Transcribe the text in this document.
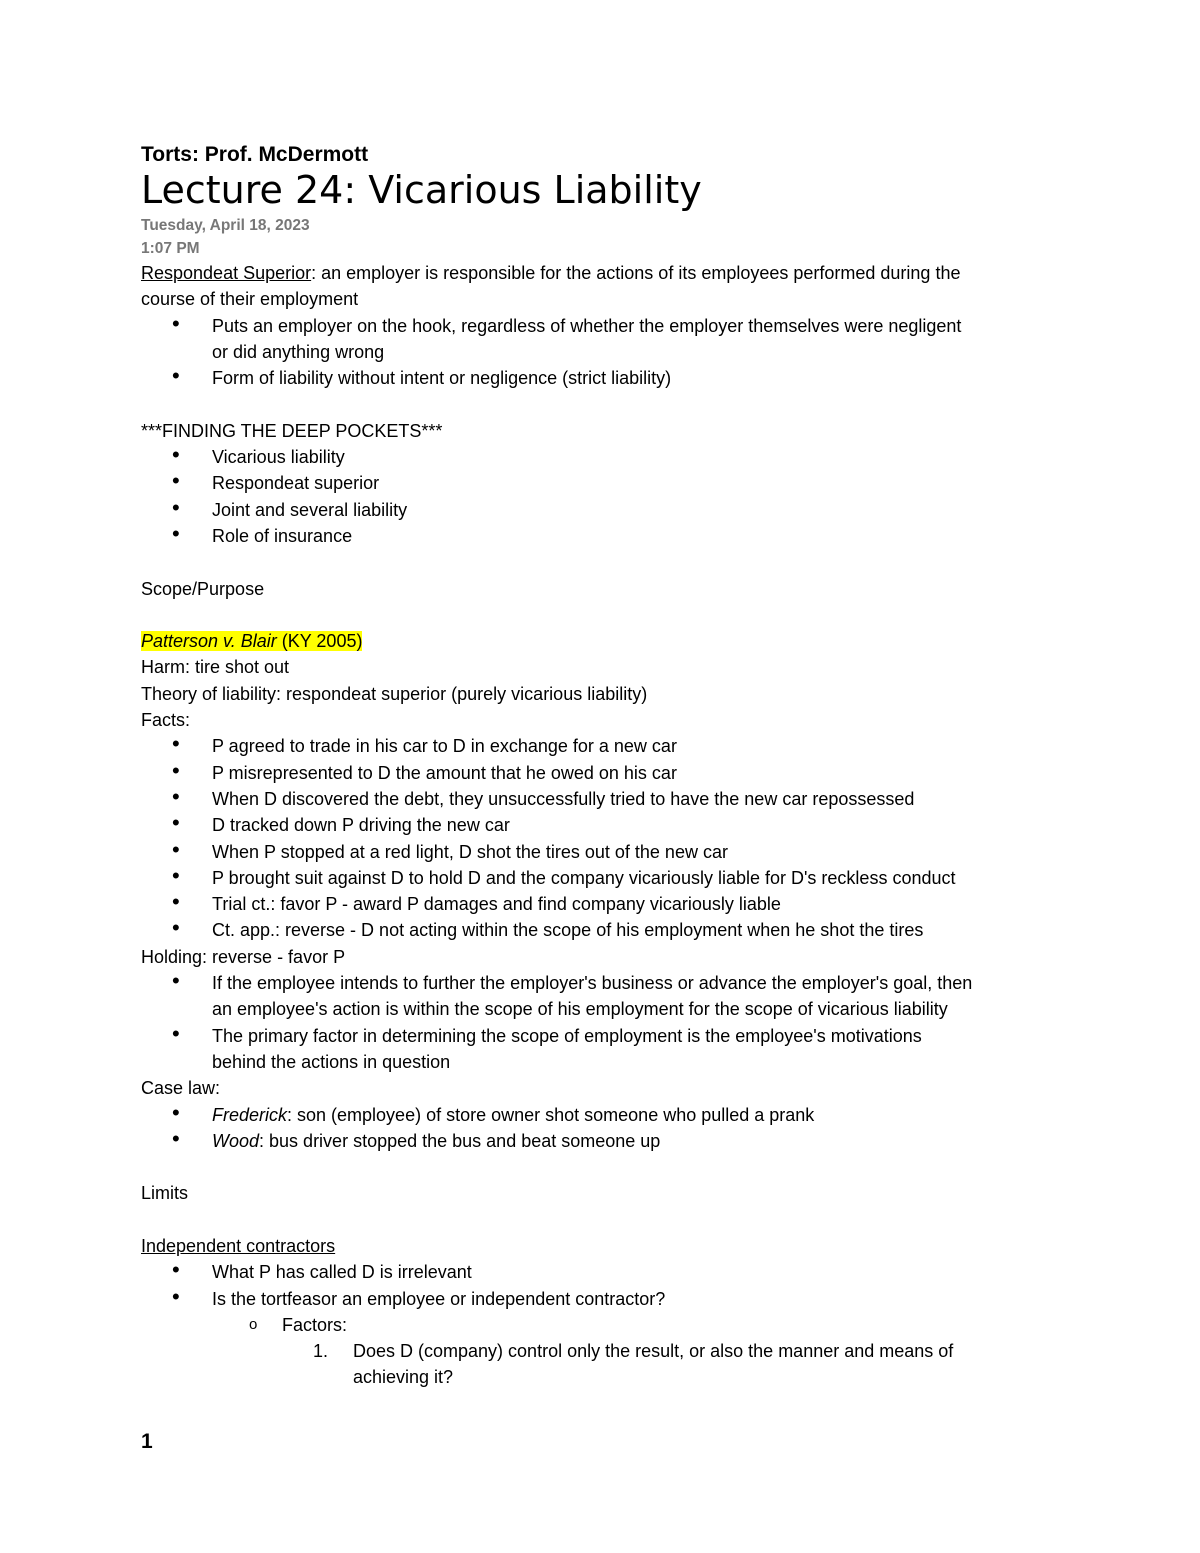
Torts: Prof. McDermott
Lecture 24: Vicarious Liability
Tuesday, April 18, 2023
1:07 PM
Respondeat Superior: an employer is responsible for the actions of its employees performed during the
course of their employment
• Puts an employer on the hook, regardless of whether the employer themselves were negligent
or did anything wrong
• Form of liability without intent or negligence (strict liability)
***FINDING THE DEEP POCKETS***
• Vicarious liability
• Respondeat superior
• Joint and several liability
• Role of insurance
Scope/Purpose
Patterson v. Blair (KY 2005)
Harm: tire shot out
Theory of liability: respondeat superior (purely vicarious liability)
Facts:
• P agreed to trade in his car to D in exchange for a new car
• P misrepresented to D the amount that he owed on his car
• When D discovered the debt, they unsuccessfully tried to have the new car repossessed
• D tracked down P driving the new car
• When P stopped at a red light, D shot the tires out of the new car
• P brought suit against D to hold D and the company vicariously liable for D's reckless conduct
• Trial ct.: favor P - award P damages and find company vicariously liable
• Ct. app.: reverse - D not acting within the scope of his employment when he shot the tires
Holding: reverse - favor P
• If the employee intends to further the employer's business or advance the employer's goal, then
an employee's action is within the scope of his employment for the scope of vicarious liability
• The primary factor in determining the scope of employment is the employee's motivations
behind the actions in question
Case law:
• Frederick: son (employee) of store owner shot someone who pulled a prank
• Wood: bus driver stopped the bus and beat someone up
Limits
Independent contractors
• What P has called D is irrelevant
• Is the tortfeasor an employee or independent contractor?
o Factors:
1. Does D (company) control only the result, or also the manner and means of
achieving it?
1
